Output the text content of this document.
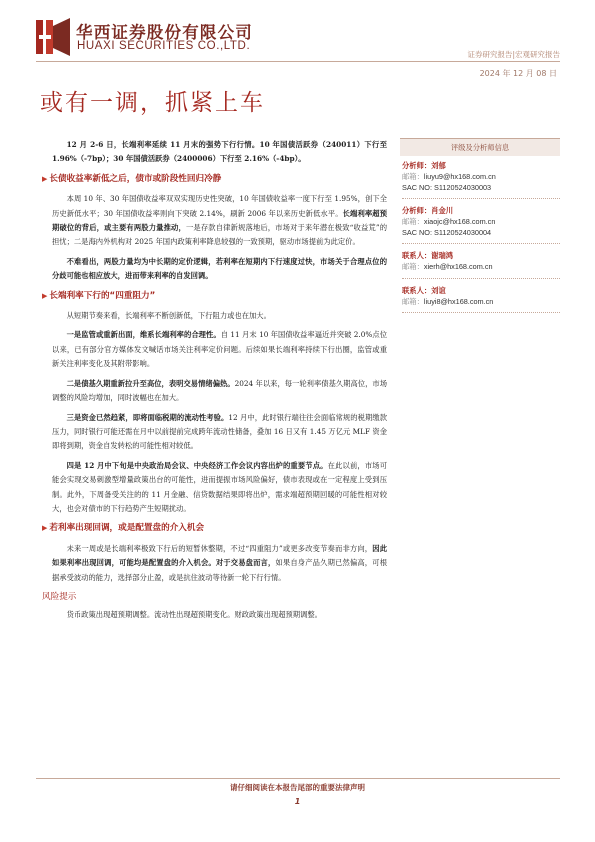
华西证券股份有限公司
HUAXI SECURITIES CO.,LTD.
证券研究报告|宏观研究报告
2024 年 12 月 08 日
或有一调，抓紧上车

12 月 2-6 日，长端利率延续 11 月末的强势下行行情。10 年国债活跃券（240011）下行至 1.96%（-7bp）；30 年国债活跃券（2400006）下行至 2.16%（-4bp）。

▶ 长债收益率新低之后，债市或阶段性回归冷静

本周 10 年、30 年国债收益率双双实现历史性突破，10 年国债收益率一度下行至 1.95%，创下全历史新低水平；30 年国债收益率则向下突破 2.14%，刷新 2006 年以来历史新低水平。长端利率超预期破位的背后，或主要有两股力量推动，一是存款自律新规落地后，市场对于来年潜在极致“收益荒”的担忧；二是海内外机构对 2025 年国内政策利率降息较强的一致预期，驱动市场提前为此定价。

不难看出，两股力量均为中长期的定价逻辑，若利率在短期内下行速度过快，市场关于合理点位的分歧可能也相应放大，进而带来利率的自发回调。

▶ 长端利率下行的“四重阻力”

从短期节奏来看，长端利率不断创新低，下行阻力或也在加大。

一是监管或重新出面，维系长端利率的合理性。自 11 月末 10 年国债收益率逼近并突破 2.0%点位以来，已有部分官方媒体发文喊话市场关注利率定价问题。后续如果长端利率持续下行出圈，监管或重新关注利率变化及其附带影响。

二是债基久期重新拉升至高位，表明交易情绪偏热。2024 年以来，每一轮利率债基久期高位，市场调整的风险均增加，同时波幅也在加大。

三是资金已然趋紧，即将面临税期的流动性考验。12 月中，此时银行端往往会面临常规的税期缴款压力，同时银行可能还需在月中以前提前完成跨年流动性储备，叠加 16 日又有 1.45 万亿元 MLF 资金即将到期，资金自发转松的可能性相对较低。

四是 12 月中下旬是中央政治局会议、中央经济工作会议内容出炉的重要节点。在此以前，市场可能会实现交易刺激型增量政策出台的可能性，进而提振市场风险偏好，债市表现或在一定程度上受到压制。此外，下周备受关注的的 11 月金融、信贷数据结果即将出炉，需求端超预期回暖的可能性相对较大，也会对债市的下行趋势产生短期扰动。

▶ 若利率出现回调，或是配置盘的介入机会

未来一周或是长端利率极致下行后的短暂休整期，不过“四重阻力”或更多改变节奏而非方向，因此如果利率出现回调，可能均是配置盘的介入机会。对于交易盘而言，如果自身产品久期已然偏高，可根据承受波动的能力，选择部分止盈，或是抗住波动等待新一轮下行行情。

风险提示

货币政策出现超预期调整。流动性出现超预期变化。财政政策出现超预期调整。

评级及分析师信息
分析师：刘郁
邮箱：liuyu9@hx168.com.cn
SAC NO: S1120524030003
分析师：肖金川
邮箱：xiaojc@hx168.com.cn
SAC NO: S1120524030004
联系人：谢瑞鸿
邮箱：xierh@hx168.com.cn
联系人：刘谊
邮箱：liuyi8@hx168.com.cn
请仔细阅读在本报告尾部的重要法律声明
1
